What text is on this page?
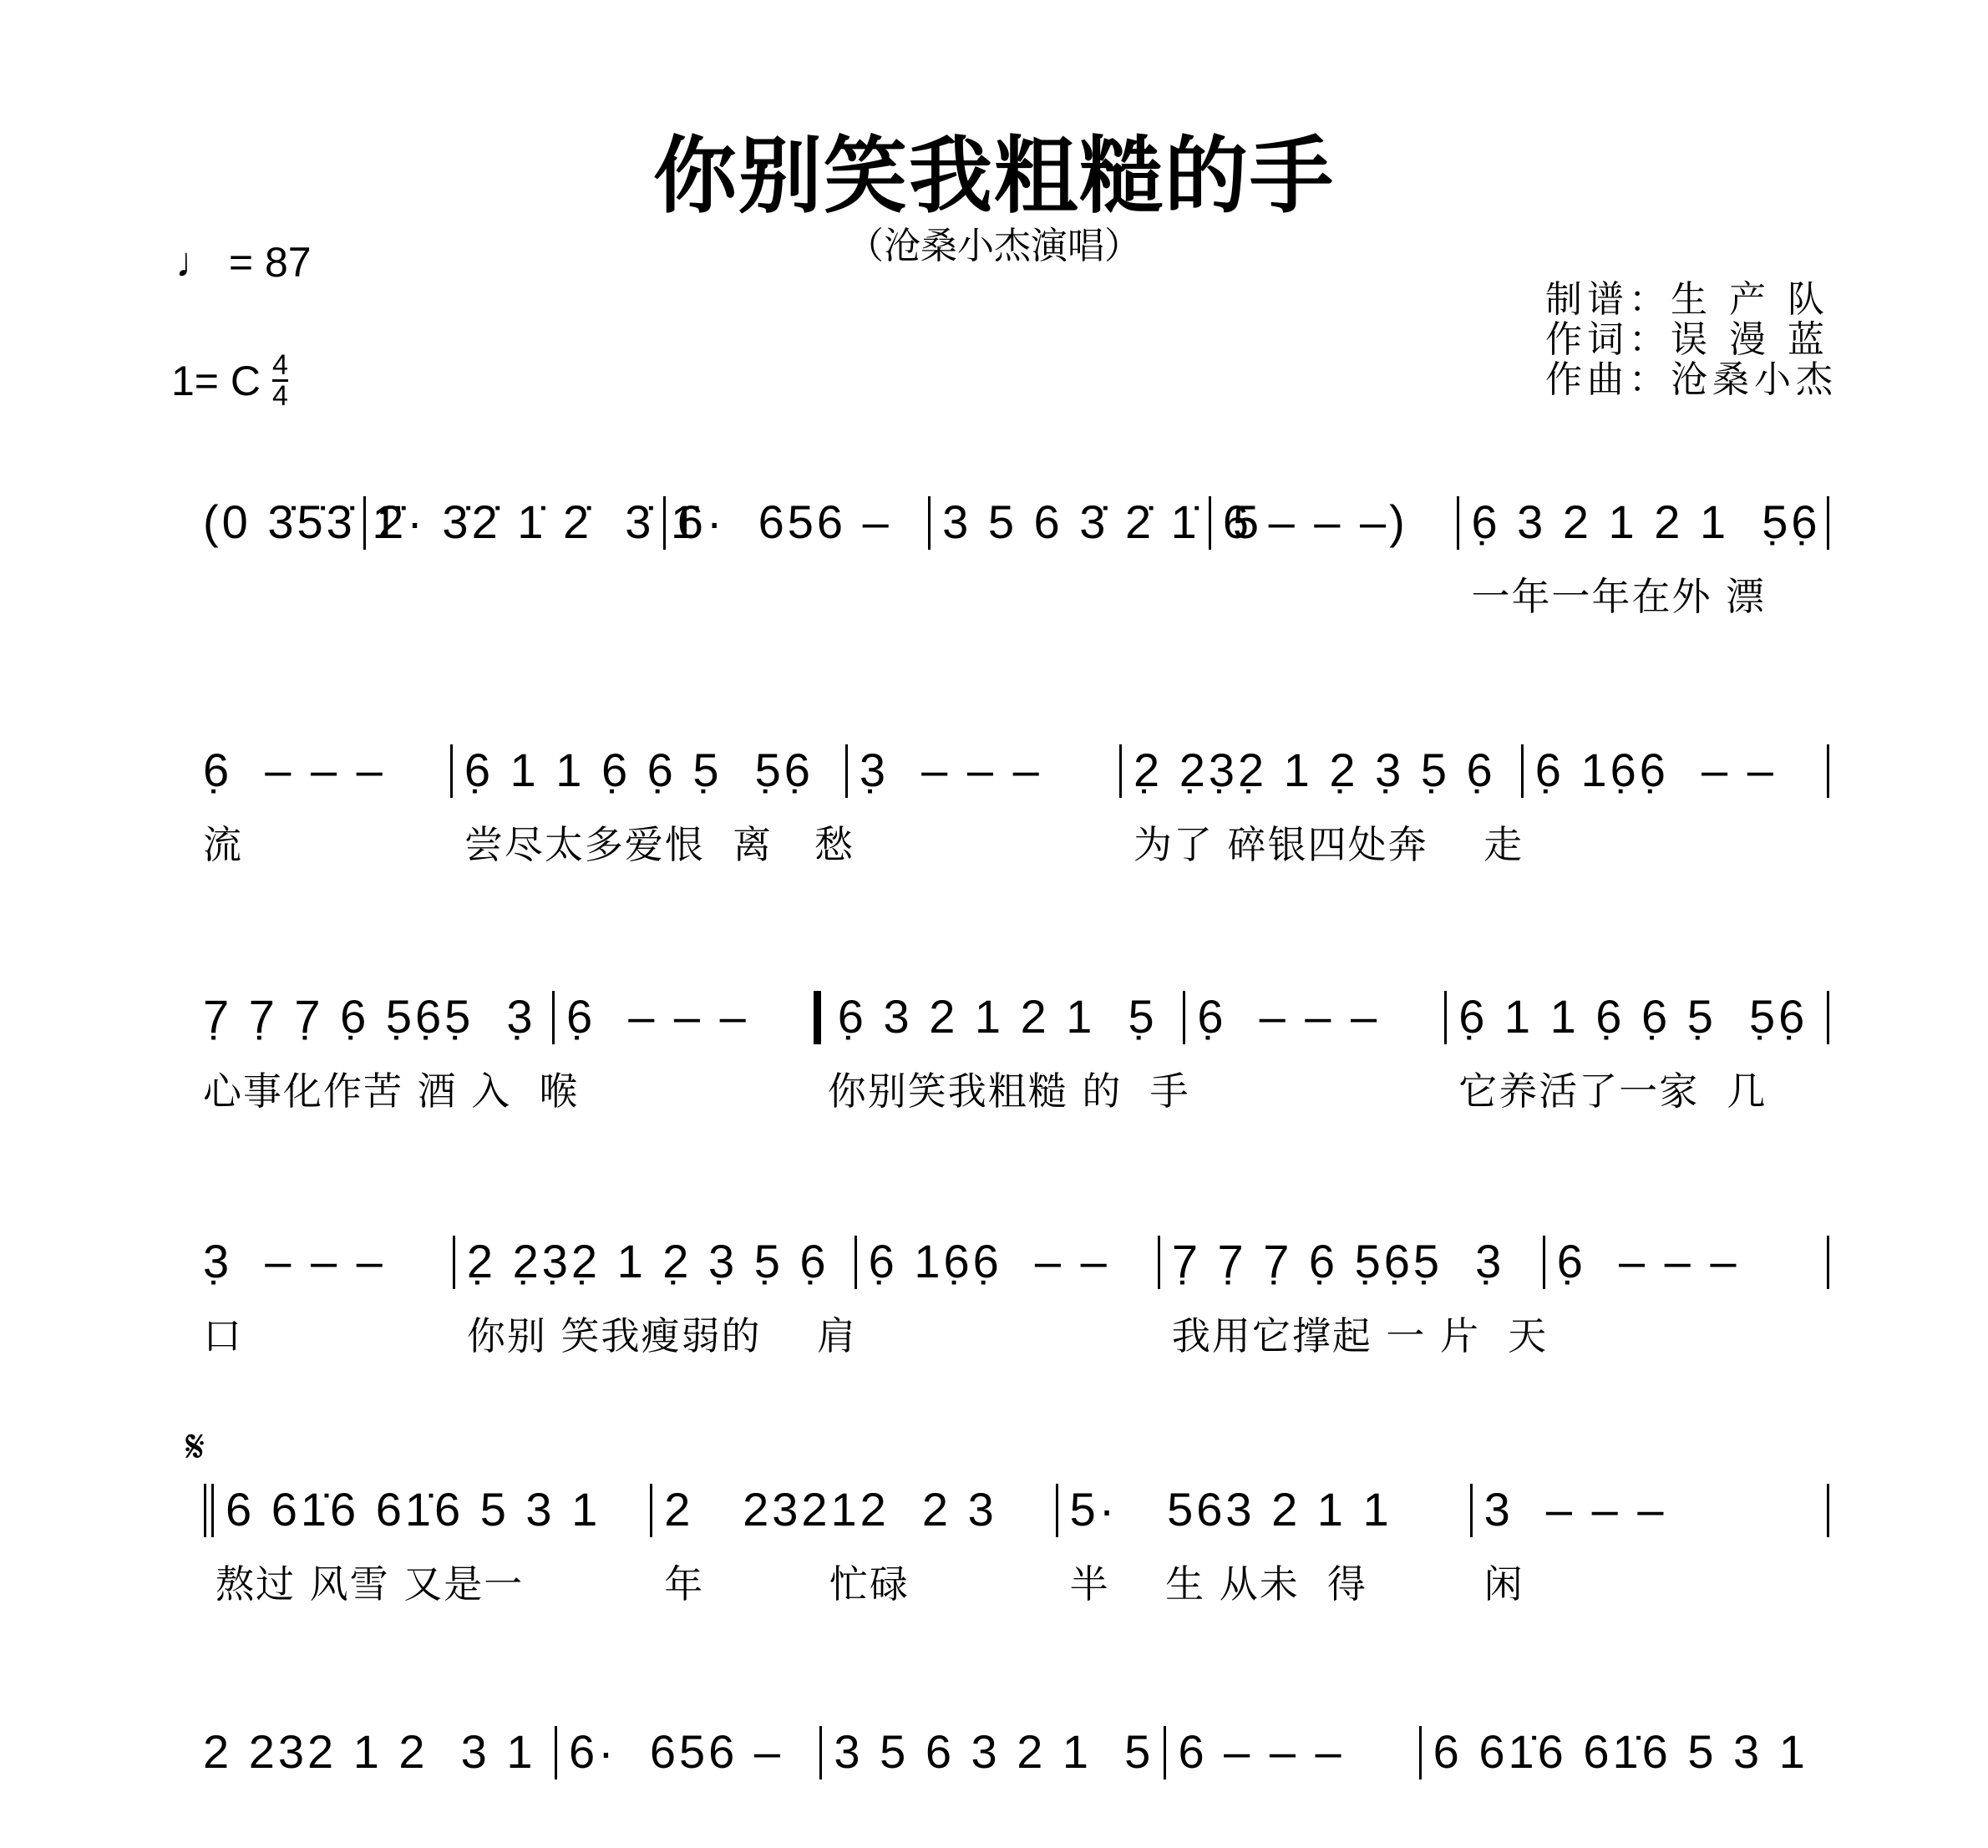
你别笑我粗糙的手
（沧桑小杰演唱）
♩ = 87
1= C $\frac{4}{4}$
制谱：生 产 队
作词：误 漫 蓝
作曲：沧桑小杰
𝄋
(0 3̇5̇3̇ 1̇
2̇· 3̇2̇ 1̇ 2̇  3̇ 1̇
6·  656 – 3 5 6 3̇ 2̇ 1̇  5
6 – – –) 6̣ 3 2 1 2 1  5̣6̣
一年一年在外 漂
6̣  – – –
流
6̣ 1 1 6̣ 6̣ 5̣  5̣6̣
尝尽太多爱恨  离   愁
3̣  – – – 2̣ 2̣3̣2̣ 1 2̣ 3̣ 5̣ 6̣
为了 碎银四处奔    走
6̣ 16̣6̣  – –
7̣ 7̣ 7̣ 6̣ 5̣6̣5̣  3̣
心事化作苦 酒 入  喉
6̣  – – – 6̣ 3 2 1 2 1  5̣
你别笑我粗糙 的  手
6̣  – – – 6̣ 1 1 6̣ 6̣ 5̣  5̣6̣
它养活了一家  几
3̣  – – –
口
2̣ 2̣3̣2̣ 1 2̣ 3̣ 5̣ 6̣
你别 笑我瘦弱的    肩
6̣ 16̣6̣  – – 7̣ 7̣ 7̣ 6̣ 5̣6̣5̣  3̣
我用它撑起 一 片  天
6̣  – – –
6 61̇6 61̇6 5 3 1
熬过 风雪 又是一
2   23212  2 3
年         忙碌
5·   563 2 1 1
半    生 从未  得
3  – – –
闲
2 232 1 2  3 1 6·  656 – 3 5 6 3 2 1  5 6 – – – 6 61̇6 61̇6 5 3 1
